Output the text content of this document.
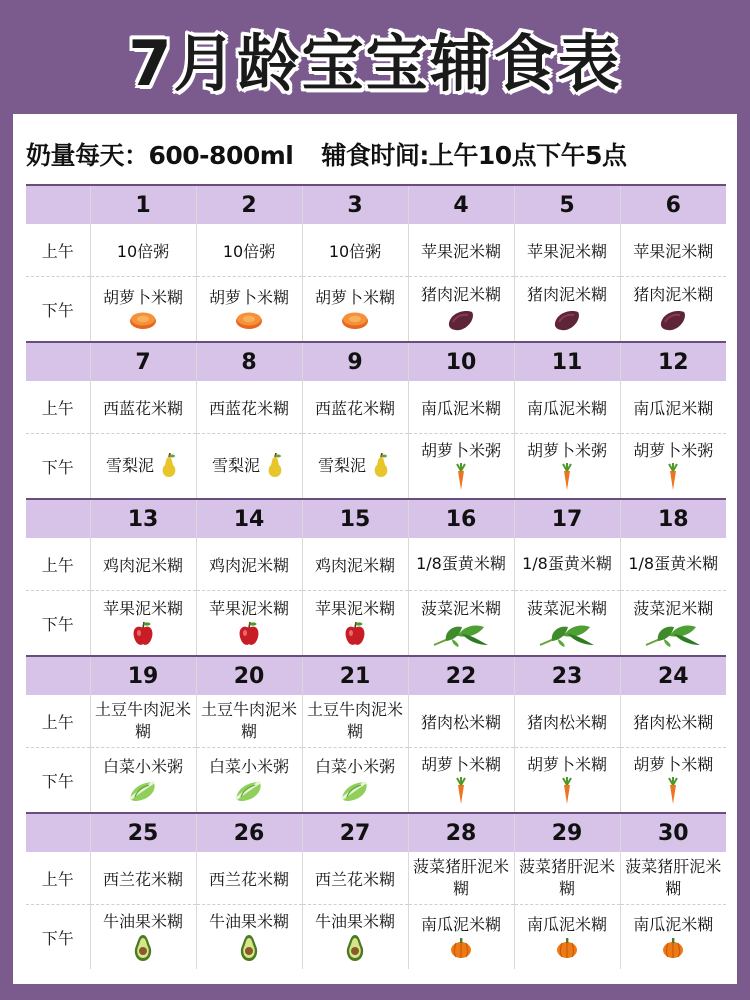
7月龄宝宝辅食表
奶量每天：600-800ml 辅食时间:上午10点下午5点
	1	2	3	4	5	6
上午	10倍粥	10倍粥	10倍粥	苹果泥米糊	苹果泥米糊	苹果泥米糊
下午	胡萝卜米糊	胡萝卜米糊	胡萝卜米糊	猪肉泥米糊	猪肉泥米糊	猪肉泥米糊

	7	8	9	10	11	12
上午	西蓝花米糊	西蓝花米糊	西蓝花米糊	南瓜泥米糊	南瓜泥米糊	南瓜泥米糊
下午	雪梨泥	雪梨泥	雪梨泥	胡萝卜米粥	胡萝卜米粥	胡萝卜米粥

	13	14	15	16	17	18
上午	鸡肉泥米糊	鸡肉泥米糊	鸡肉泥米糊	1/8蛋黄米糊	1/8蛋黄米糊	1/8蛋黄米糊
下午	苹果泥米糊	苹果泥米糊	苹果泥米糊	菠菜泥米糊	菠菜泥米糊	菠菜泥米糊

	19	20	21	22	23	24
上午	土豆牛肉泥米糊	土豆牛肉泥米糊	土豆牛肉泥米糊	猪肉松米糊	猪肉松米糊	猪肉松米糊
下午	白菜小米粥	白菜小米粥	白菜小米粥	胡萝卜米糊	胡萝卜米糊	胡萝卜米糊

	25	26	27	28	29	30
上午	西兰花米糊	西兰花米糊	西兰花米糊	菠菜猪肝泥米糊	菠菜猪肝泥米糊	菠菜猪肝泥米糊
下午	牛油果米糊	牛油果米糊	牛油果米糊	南瓜泥米糊	南瓜泥米糊	南瓜泥米糊
